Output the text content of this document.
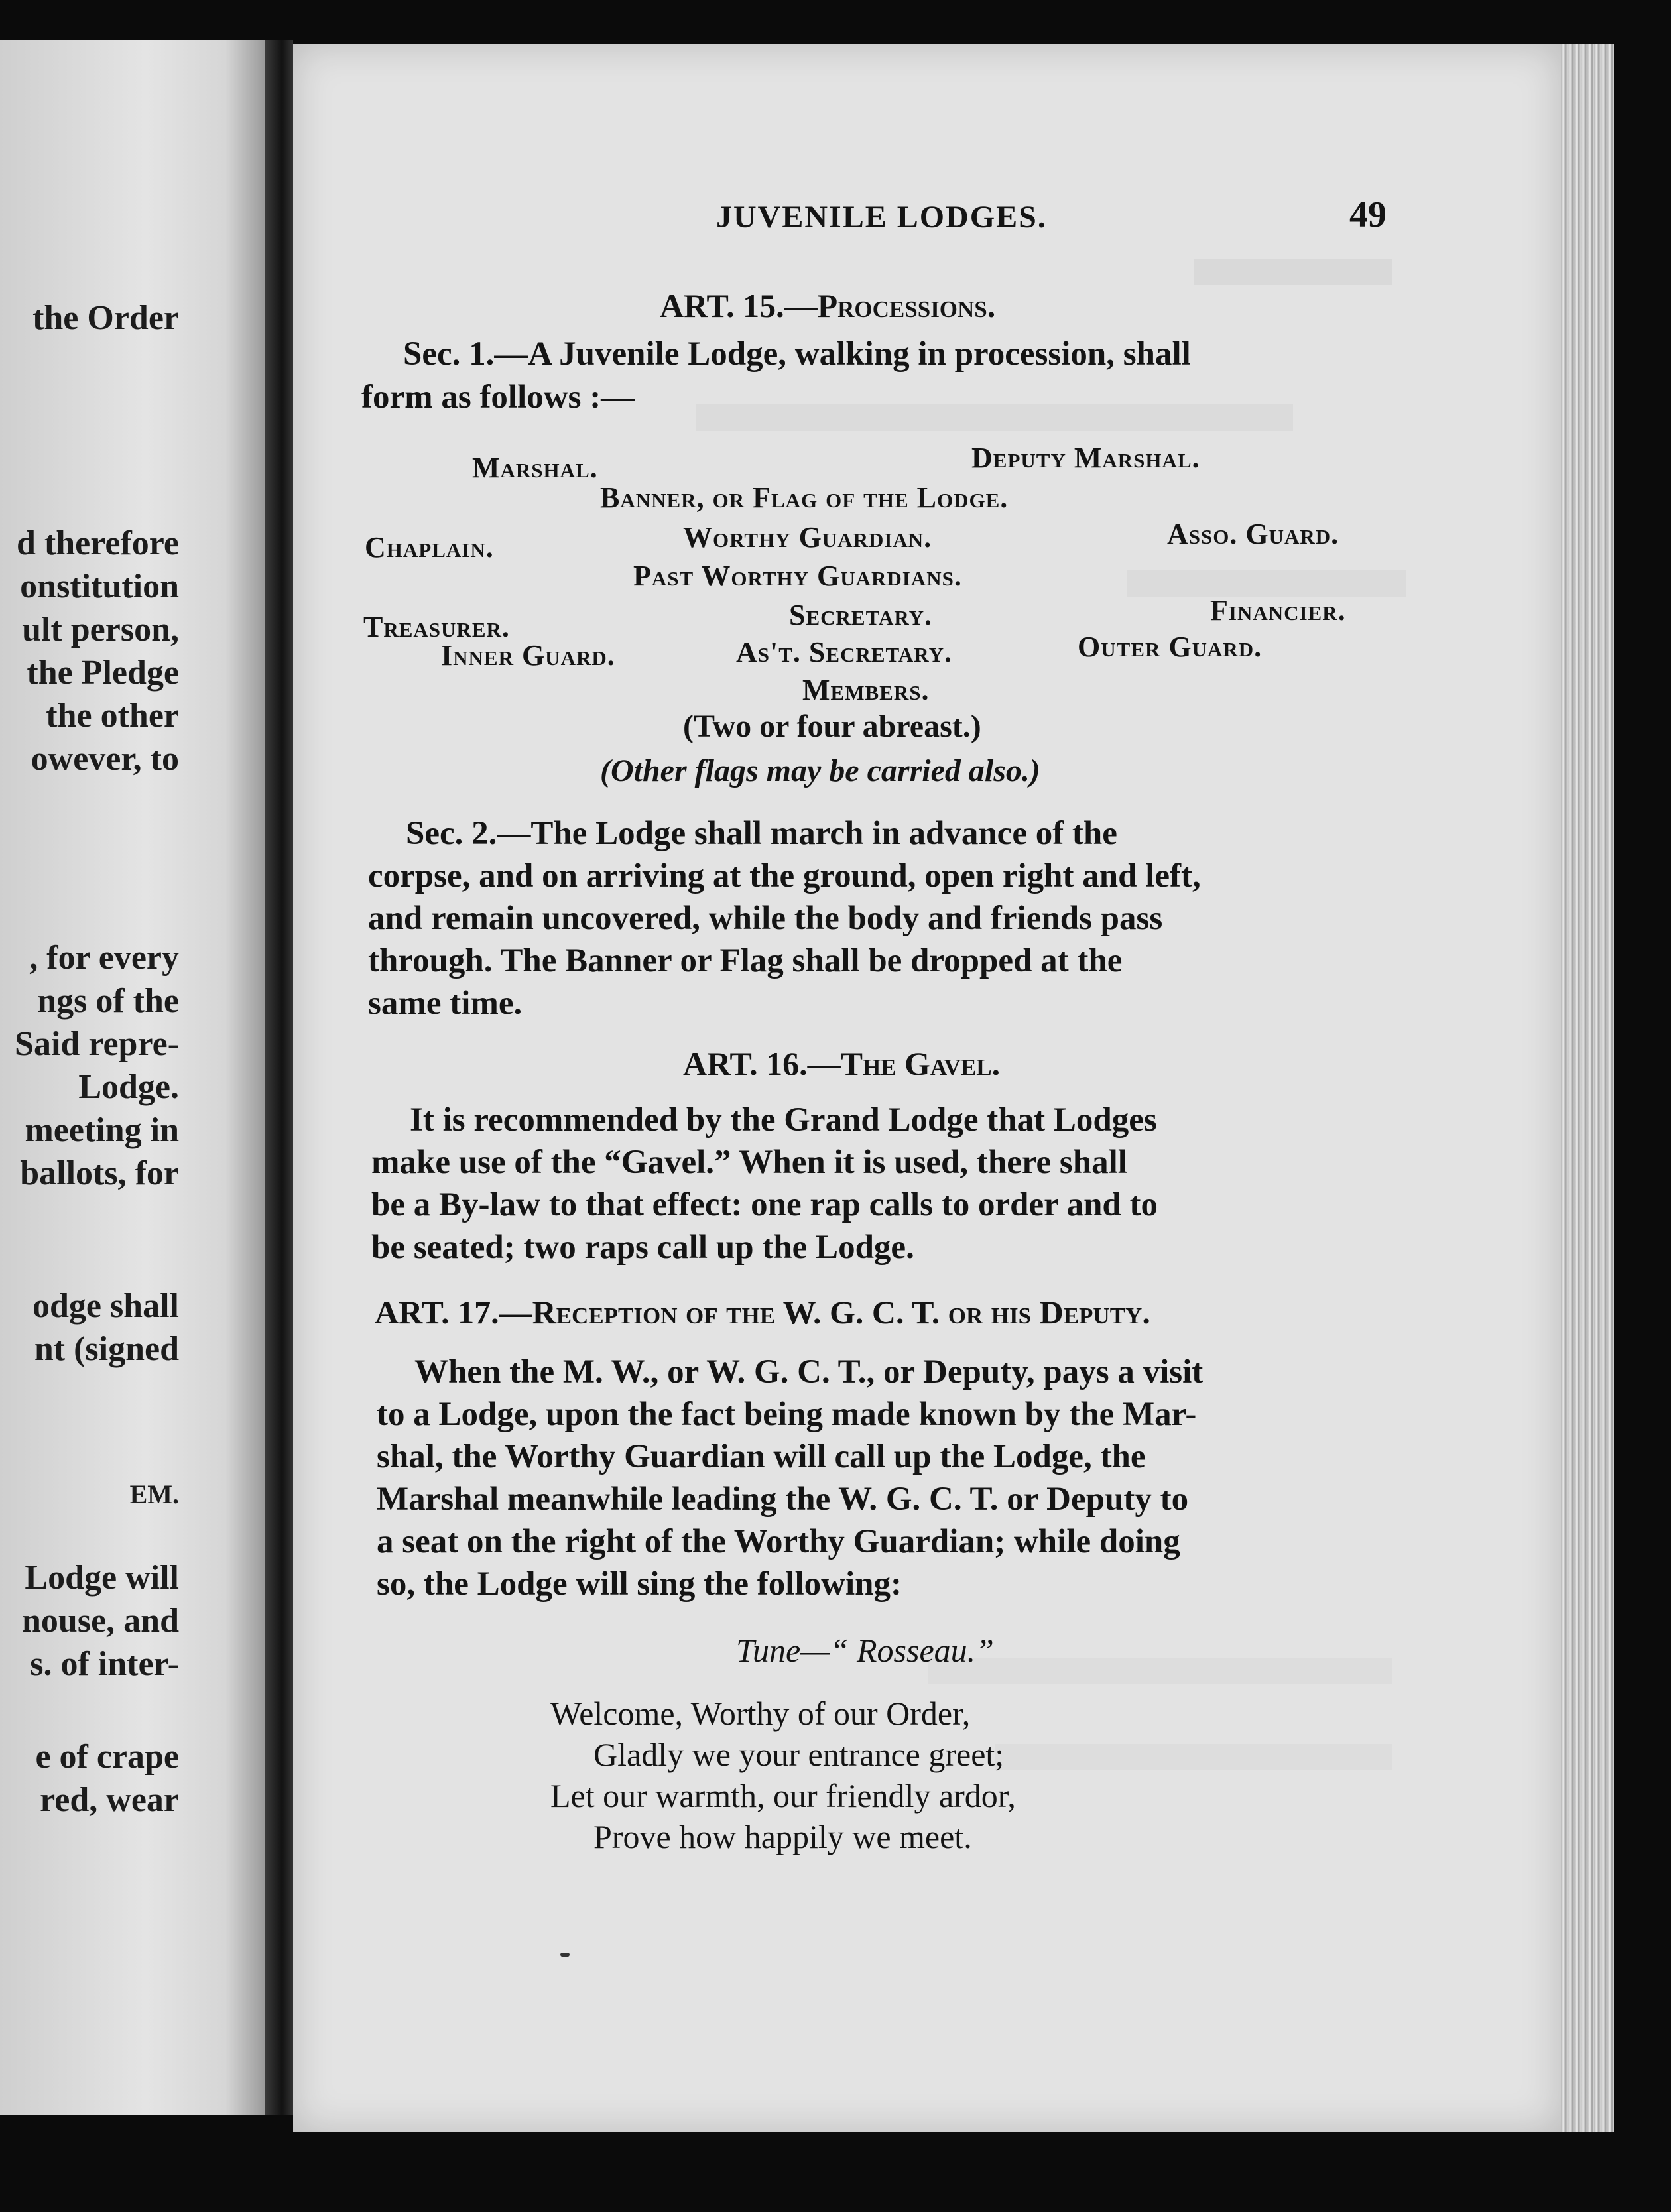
the Order
d therefore
onstitution
ult person,
the Pledge
the other
owever, to
, for every
ngs of the
Said repre-
Lodge.
meeting in
ballots, for
odge shall
nt (signed
EM.
Lodge will
nouse, and
s. of inter-
e of crape
red, wear
JUVENILE LODGES.	49
ART. 15.—Processions.
Sec. 1.—A Juvenile Lodge, walking in procession, shall
form as follows :—
Marshal.	Deputy Marshal.
Banner, or Flag of the Lodge.
Chaplain.	Worthy Guardian.	Asso. Guard.
Past Worthy Guardians.
Treasurer.	Secretary.	Financier.
Inner Guard.	As't. Secretary.	Outer Guard.
Members.
(Two or four abreast.)
(Other flags may be carried also.)
Sec. 2.—The Lodge shall march in advance of the
corpse, and on arriving at the ground, open right and left,
and remain uncovered, while the body and friends pass
through. The Banner or Flag shall be dropped at the
same time.
ART. 16.—The Gavel.
It is recommended by the Grand Lodge that Lodges
make use of the “Gavel.” When it is used, there shall
be a By-law to that effect: one rap calls to order and to
be seated; two raps call up the Lodge.
ART. 17.—Reception of the W. G. C. T. or his Deputy.
When the M. W., or W. G. C. T., or Deputy, pays a visit
to a Lodge, upon the fact being made known by the Mar-
shal, the Worthy Guardian will call up the Lodge, the
Marshal meanwhile leading the W. G. C. T. or Deputy to
a seat on the right of the Worthy Guardian; while doing
so, the Lodge will sing the following:
Tune—“ Rosseau.”
Welcome, Worthy of our Order,
Gladly we your entrance greet;
Let our warmth, our friendly ardor,
Prove how happily we meet.
